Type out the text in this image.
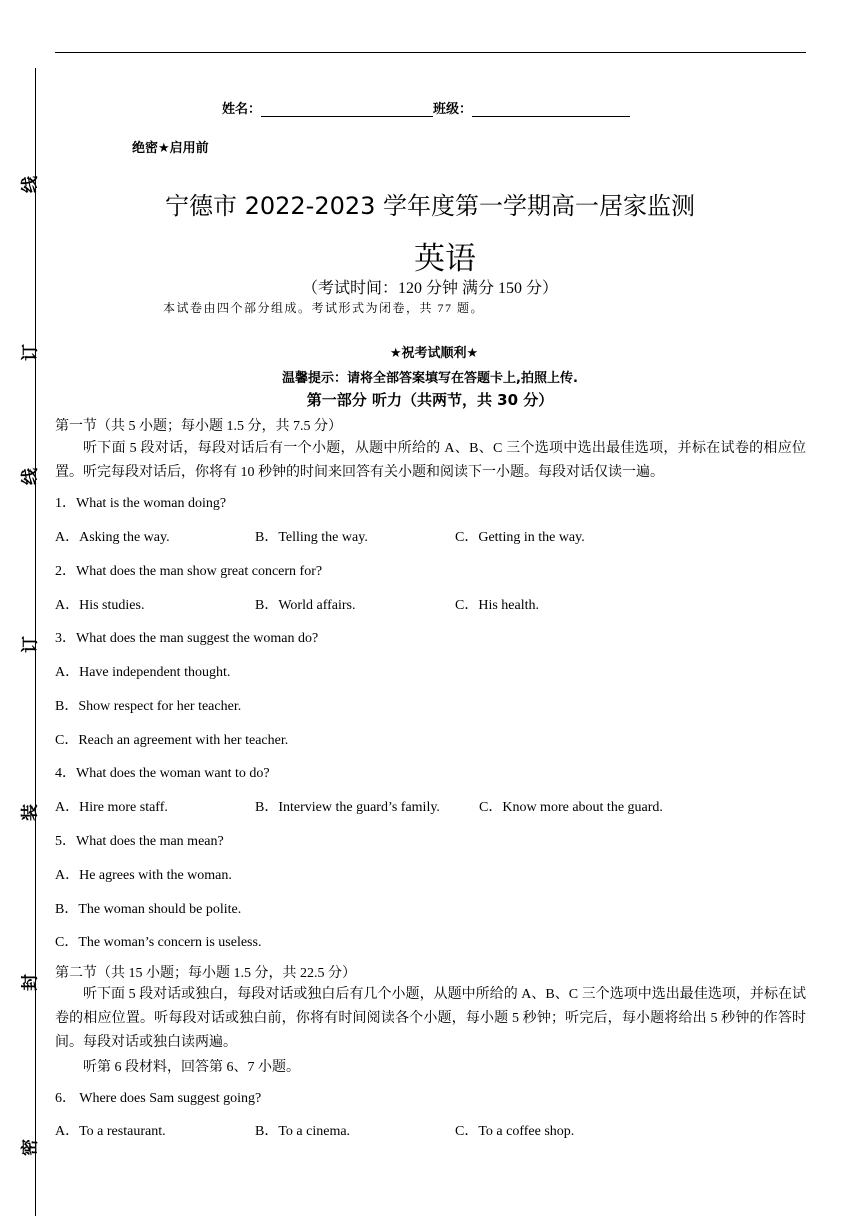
线
订
线
订
装
封
密
姓名：	班级：
绝密★启用前
宁德市 2022-2023 学年度第一学期高一居家监测
英语
（考试时间：120 分钟 满分 150 分）
本试卷由四个部分组成。考试形式为闭卷，共 77 题。
★祝考试顺利★
温馨提示：请将全部答案填写在答题卡上,拍照上传.
第一部分 听力（共两节，共 30 分）
第一节（共 5 小题；每小题 1.5 分，共 7.5 分）
听下面 5 段对话，每段对话后有一个小题，从题中所给的 A、B、C 三个选项中选出最佳选项，并标在试卷的相应位置。听完每段对话后，你将有 10 秒钟的时间来回答有关小题和阅读下一小题。每段对话仅读一遍。
1．What is the woman doing?
A．Asking the way.	B．Telling the way.	C．Getting in the way.
2．What does the man show great concern for?
A．His studies.	B．World affairs.	C．His health.
3．What does the man suggest the woman do?
A．Have independent thought.
B．Show respect for her teacher.
C．Reach an agreement with her teacher.
4．What does the woman want to do?
A．Hire more staff.	B．Interview the guard’s family.	C．Know more about the guard.
5．What does the man mean?
A．He agrees with the woman.
B．The woman should be polite.
C．The woman’s concern is useless.
第二节（共 15 小题；每小题 1.5 分，共 22.5 分）
听下面 5 段对话或独白，每段对话或独白后有几个小题，从题中所给的 A、B、C 三个选项中选出最佳选项，并标在试卷的相应位置。听每段对话或独白前，你将有时间阅读各个小题，每小题 5 秒钟；听完后，每小题将给出 5 秒钟的作答时间。每段对话或独白读两遍。
听第 6 段材料，回答第 6、7 小题。
6． Where does Sam suggest going?
A．To a restaurant.	B．To a cinema.	C．To a coffee shop.
